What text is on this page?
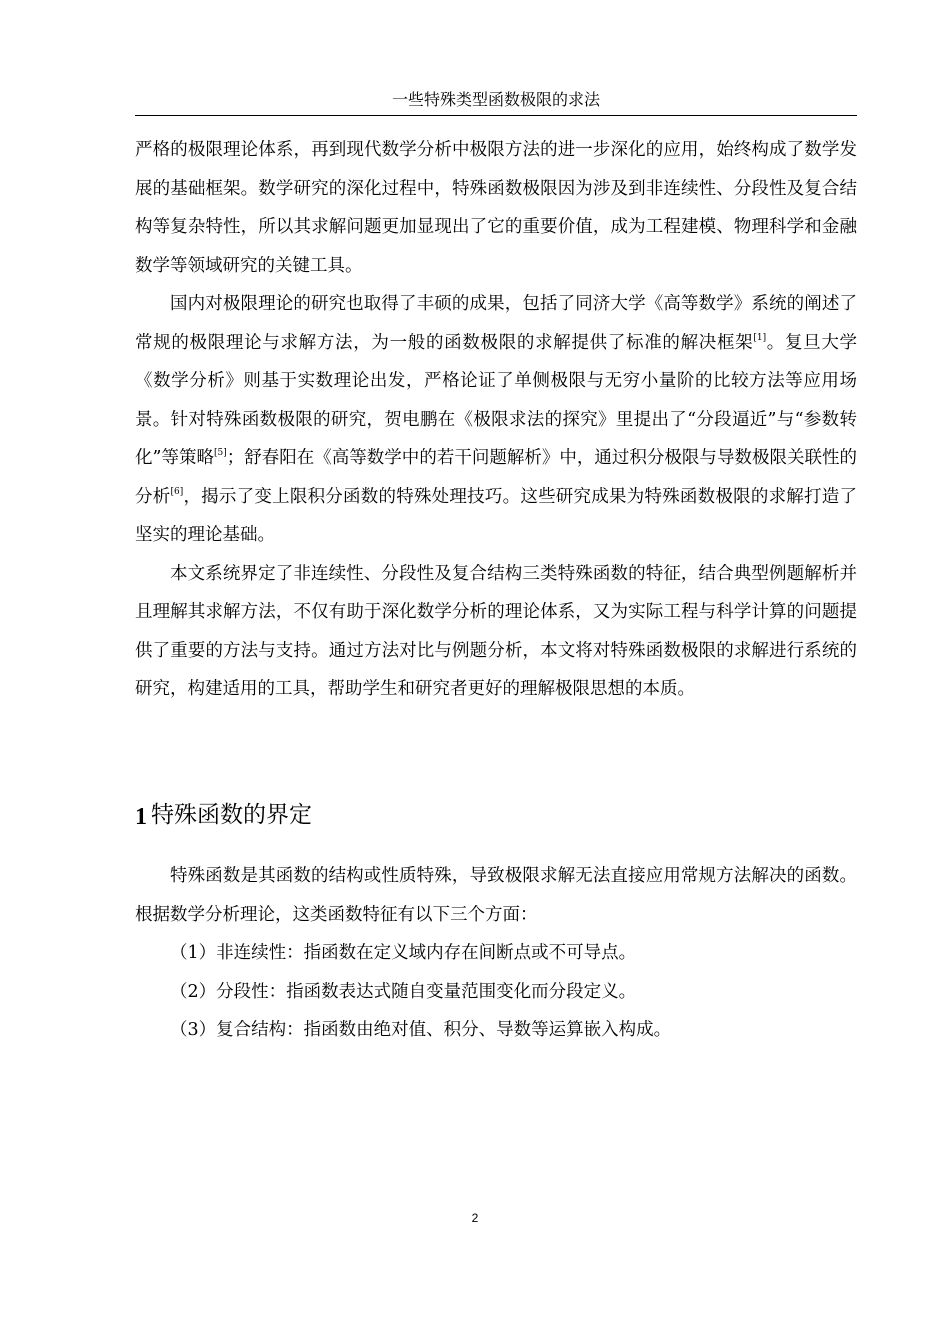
一些特殊类型函数极限的求法

严格的极限理论体系，再到现代数学分析中极限方法的进一步深化的应用，始终构成了数学发展的基础框架。数学研究的深化过程中，特殊函数极限因为涉及到非连续性、分段性及复合结构等复杂特性，所以其求解问题更加显现出了它的重要价值，成为工程建模、物理科学和金融数学等领域研究的关键工具。

国内对极限理论的研究也取得了丰硕的成果，包括了同济大学《高等数学》系统的阐述了常规的极限理论与求解方法，为一般的函数极限的求解提供了标准的解决框架[1]。复旦大学《数学分析》则基于实数理论出发，严格论证了单侧极限与无穷小量阶的比较方法等应用场景。针对特殊函数极限的研究，贺电鹏在《极限求法的探究》里提出了“分段逼近”与“参数转化”等策略[5]；舒春阳在《高等数学中的若干问题解析》中，通过积分极限与导数极限关联性的分析[6]，揭示了变上限积分函数的特殊处理技巧。这些研究成果为特殊函数极限的求解打造了坚实的理论基础。

本文系统界定了非连续性、分段性及复合结构三类特殊函数的特征，结合典型例题解析并且理解其求解方法，不仅有助于深化数学分析的理论体系，又为实际工程与科学计算的问题提供了重要的方法与支持。通过方法对比与例题分析，本文将对特殊函数极限的求解进行系统的研究，构建适用的工具，帮助学生和研究者更好的理解极限思想的本质。

1 特殊函数的界定

特殊函数是其函数的结构或性质特殊，导致极限求解无法直接应用常规方法解决的函数。根据数学分析理论，这类函数特征有以下三个方面：

（1）非连续性：指函数在定义域内存在间断点或不可导点。

（2）分段性：指函数表达式随自变量范围变化而分段定义。

（3）复合结构：指函数由绝对值、积分、导数等运算嵌入构成。

2
